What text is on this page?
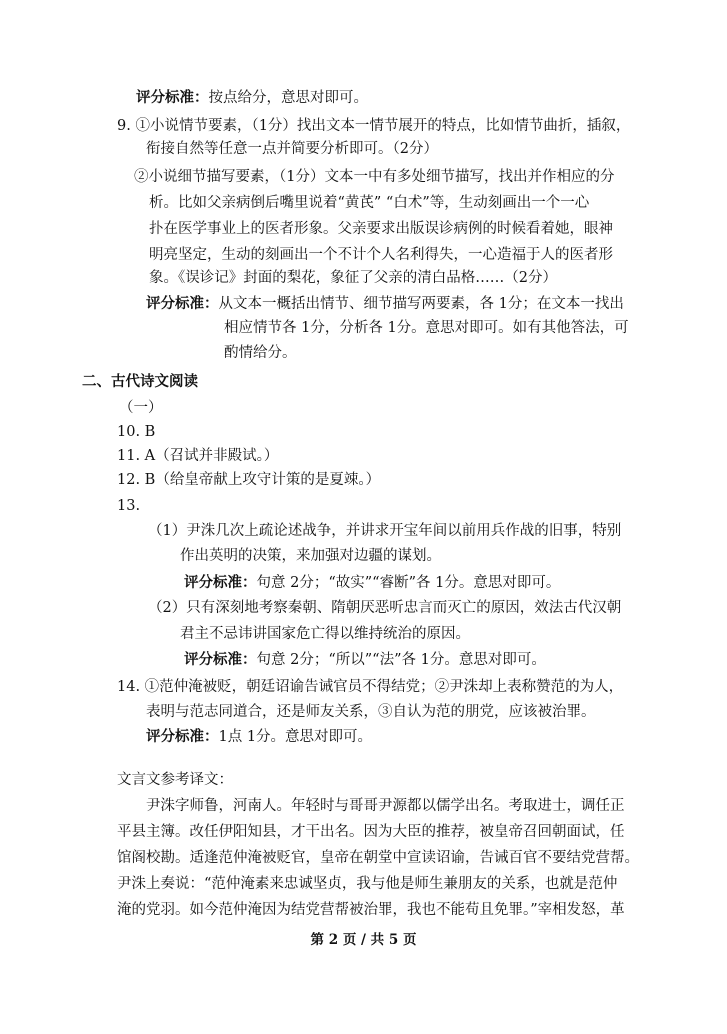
评分标准：按点给分，意思对即可。
9. ①小说情节要素，（1分）找出文本一情节展开的特点，比如情节曲折，插叙，
衔接自然等任意一点并简要分析即可。（2分）
②小说细节描写要素，（1分）文本一中有多处细节描写，找出并作相应的分
析。比如父亲病倒后嘴里说着“黄芪” “白术”等，生动刻画出一个一心
扑在医学事业上的医者形象。父亲要求出版误诊病例的时候看着她，眼神
明亮坚定，生动的刻画出一个不计个人名利得失，一心造福于人的医者形
象。《误诊记》封面的梨花，象征了父亲的清白品格……（2分）
评分标准：从文本一概括出情节、细节描写两要素，各 1分；在文本一找出
相应情节各 1分，分析各 1分。意思对即可。如有其他答法，可
酌情给分。
二、古代诗文阅读
（一）
10. B
11. A（召试并非殿试。）
12. B（给皇帝献上攻守计策的是夏竦。）
13.
（1）尹洙几次上疏论述战争，并讲求开宝年间以前用兵作战的旧事，特别
作出英明的决策，来加强对边疆的谋划。
评分标准：句意 2分；“故实”“睿断”各 1分。意思对即可。
（2）只有深刻地考察秦朝、隋朝厌恶听忠言而灭亡的原因，效法古代汉朝
君主不忌讳讲国家危亡得以维持统治的原因。
评分标准：句意 2分；“所以”“法”各 1分。意思对即可。
14. ①范仲淹被贬，朝廷诏谕告诫官员不得结党；②尹洙却上表称赞范的为人，
表明与范志同道合，还是师友关系，③自认为范的朋党，应该被治罪。
评分标准：1点 1分。意思对即可。
文言文参考译文：
尹洙字师鲁，河南人。年轻时与哥哥尹源都以儒学出名。考取进士，调任正
平县主簿。改任伊阳知县，才干出名。因为大臣的推荐，被皇帝召回朝面试，任
馆阁校勘。适逢范仲淹被贬官，皇帝在朝堂中宣读诏谕，告诫百官不要结党营帮。
尹洙上奏说：“范仲淹素来忠诚坚贞，我与他是师生兼朋友的关系，也就是范仲
淹的党羽。如今范仲淹因为结党营帮被治罪，我也不能苟且免罪。”宰相发怒，革
第 2 页 / 共 5 页
